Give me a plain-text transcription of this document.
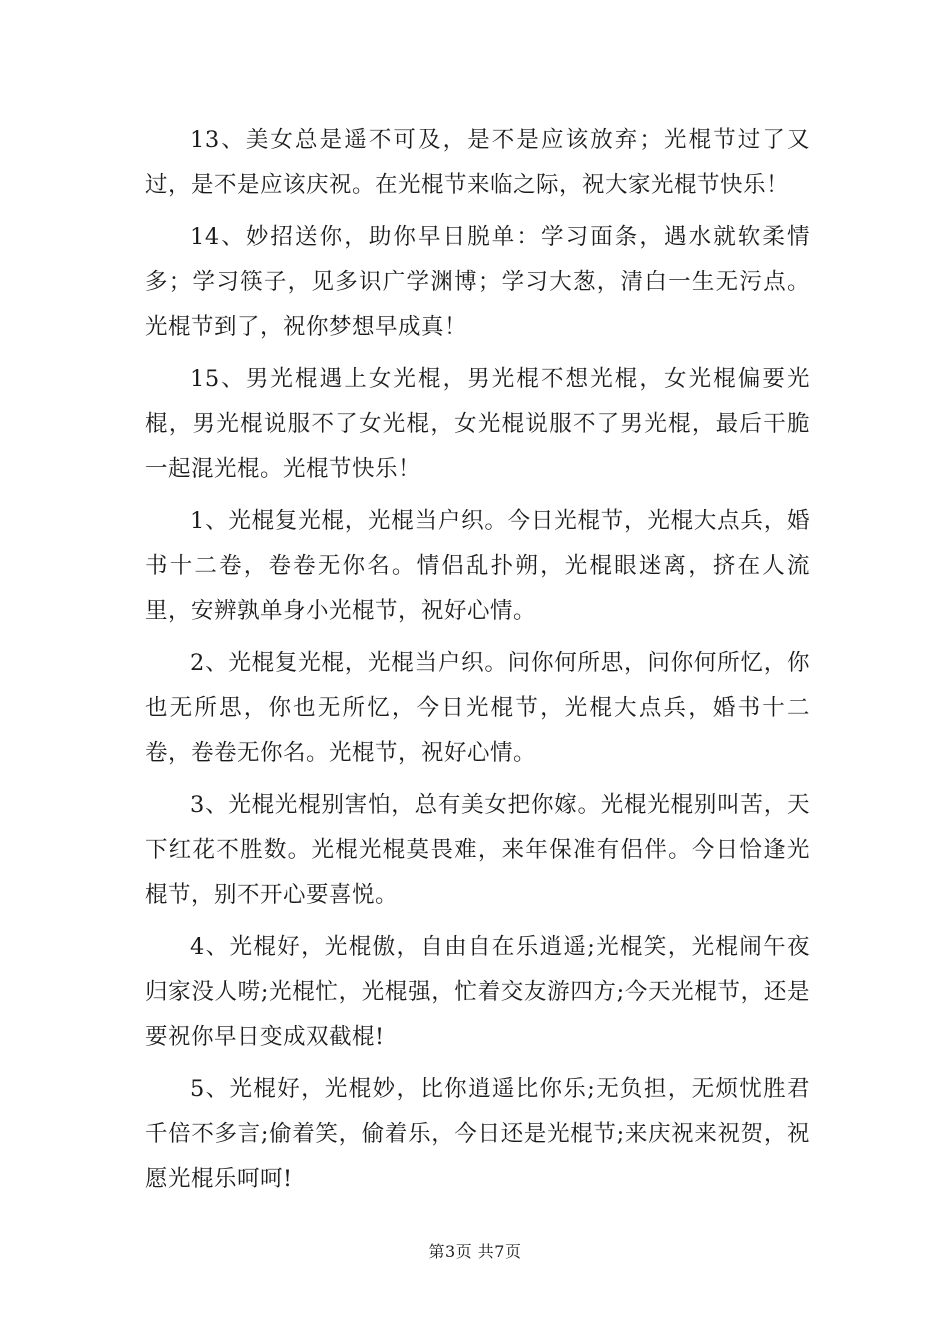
13、美女总是遥不可及，是不是应该放弃；光棍节过了又过，是不是应该庆祝。在光棍节来临之际，祝大家光棍节快乐！

14、妙招送你，助你早日脱单：学习面条，遇水就软柔情多；学习筷子，见多识广学渊博；学习大葱，清白一生无污点。光棍节到了，祝你梦想早成真！

15、男光棍遇上女光棍，男光棍不想光棍，女光棍偏要光棍，男光棍说服不了女光棍，女光棍说服不了男光棍，最后干脆一起混光棍。光棍节快乐！

1、光棍复光棍，光棍当户织。今日光棍节，光棍大点兵，婚书十二卷，卷卷无你名。情侣乱扑朔，光棍眼迷离，挤在人流里，安辨孰单身小光棍节，祝好心情。

2、光棍复光棍，光棍当户织。问你何所思，问你何所忆，你也无所思，你也无所忆，今日光棍节，光棍大点兵，婚书十二卷，卷卷无你名。光棍节，祝好心情。

3、光棍光棍别害怕，总有美女把你嫁。光棍光棍别叫苦，天下红花不胜数。光棍光棍莫畏难，来年保准有侣伴。今日恰逢光棍节，别不开心要喜悦。

4、光棍好，光棍傲，自由自在乐逍遥;光棍笑，光棍闹午夜归家没人唠;光棍忙，光棍强，忙着交友游四方;今天光棍节，还是要祝你早日变成双截棍!

5、光棍好，光棍妙，比你逍遥比你乐;无负担，无烦忧胜君千倍不多言;偷着笑，偷着乐，今日还是光棍节;来庆祝来祝贺，祝愿光棍乐呵呵!

第3页 共7页
